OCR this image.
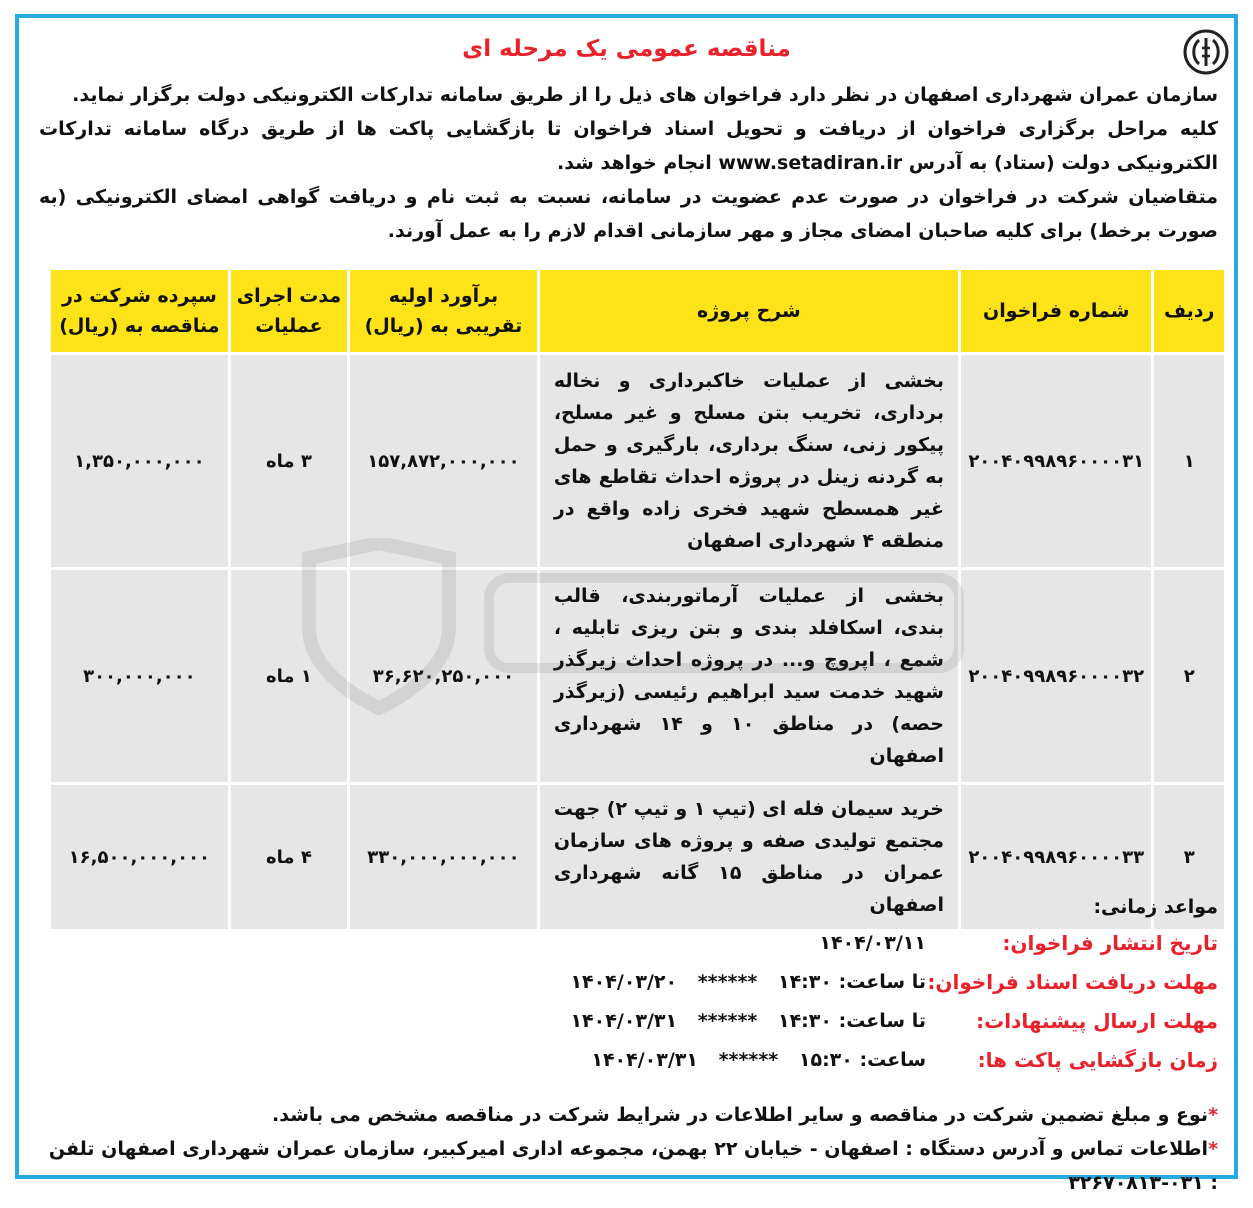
مناقصه عمومی یک مرحله ای

سازمان عمران شهرداری اصفهان در نظر دارد فراخوان های ذیل را از طریق سامانه تدارکات الکترونیکی دولت برگزار نماید.

کلیه مراحل برگزاری فراخوان از دریافت و تحویل اسناد فراخوان تا بازگشایی پاکت ها از طریق درگاه سامانه تدارکات الکترونیکی دولت (ستاد) به آدرس www.setadiran.ir انجام خواهد شد.

متقاضیان شرکت در فراخوان در صورت عدم عضویت در سامانه، نسبت به ثبت نام و دریافت گواهی امضای الکترونیکی (به صورت برخط) برای کلیه صاحبان امضای مجاز و مهر سازمانی اقدام لازم را به عمل آورند.

ردیف	شماره فراخوان	شرح پروژه	برآورد اولیه تقریبی به (ریال)	مدت اجرای عملیات	سپرده شرکت در مناقصه به (ریال)
۱	۲۰۰۴۰۹۹۸۹۶۰۰۰۰۳۱	بخشی از عملیات خاکبرداری و نخاله برداری، تخریب بتن مسلح و غیر مسلح، پیکور زنی، سنگ برداری، بارگیری و حمل به گردنه زینل در پروژه احداث تقاطع های غیر همسطح شهید فخری زاده واقع در منطقه ۴ شهرداری اصفهان	۱۵۷,۸۷۲,۰۰۰,۰۰۰	۳ ماه	۱,۳۵۰,۰۰۰,۰۰۰
۲	۲۰۰۴۰۹۹۸۹۶۰۰۰۰۳۲	بخشی از عملیات آرماتوربندی، قالب بندی، اسکافلد بندی و بتن ریزی تابلیه ، شمع ، اپروچ و... در پروژه احداث زیرگذر شهید خدمت سید ابراهیم رئیسی (زیرگذر حصه) در مناطق ۱۰ و ۱۴ شهرداری اصفهان	۳۶,۶۲۰,۲۵۰,۰۰۰	۱ ماه	۳۰۰,۰۰۰,۰۰۰
۳	۲۰۰۴۰۹۹۸۹۶۰۰۰۰۳۳	خرید سیمان فله ای (تیپ ۱ و تیپ ۲) جهت مجتمع تولیدی صفه و پروژه های سازمان عمران در مناطق ۱۵ گانه شهرداری اصفهان	۳۳۰,۰۰۰,۰۰۰,۰۰۰	۴ ماه	۱۶,۵۰۰,۰۰۰,۰۰۰
مواعد زمانی:
تاریخ انتشار فراخوان:
۱۴۰۴/۰۳/۱۱
مهلت دریافت اسناد فراخوان:
تا ساعت: ۱۴:۳۰ ****** ۱۴۰۴/۰۳/۲۰
مهلت ارسال پیشنهادات:
تا ساعت: ۱۴:۳۰ ****** ۱۴۰۴/۰۳/۳۱
زمان بازگشایی پاکت ها:
ساعت: ۱۵:۳۰ ****** ۱۴۰۴/۰۳/۳۱
*نوع و مبلغ تضمین شرکت در مناقصه و سایر اطلاعات در شرایط شرکت در مناقصه مشخص می باشد.
*اطلاعات تماس و آدرس دستگاه : اصفهان - خیابان ۲۲ بهمن، مجموعه اداری امیرکبیر، سازمان عمران شهرداری اصفهان تلفن : ۰۳۱-۳۲۶۷۰۸۱۳
